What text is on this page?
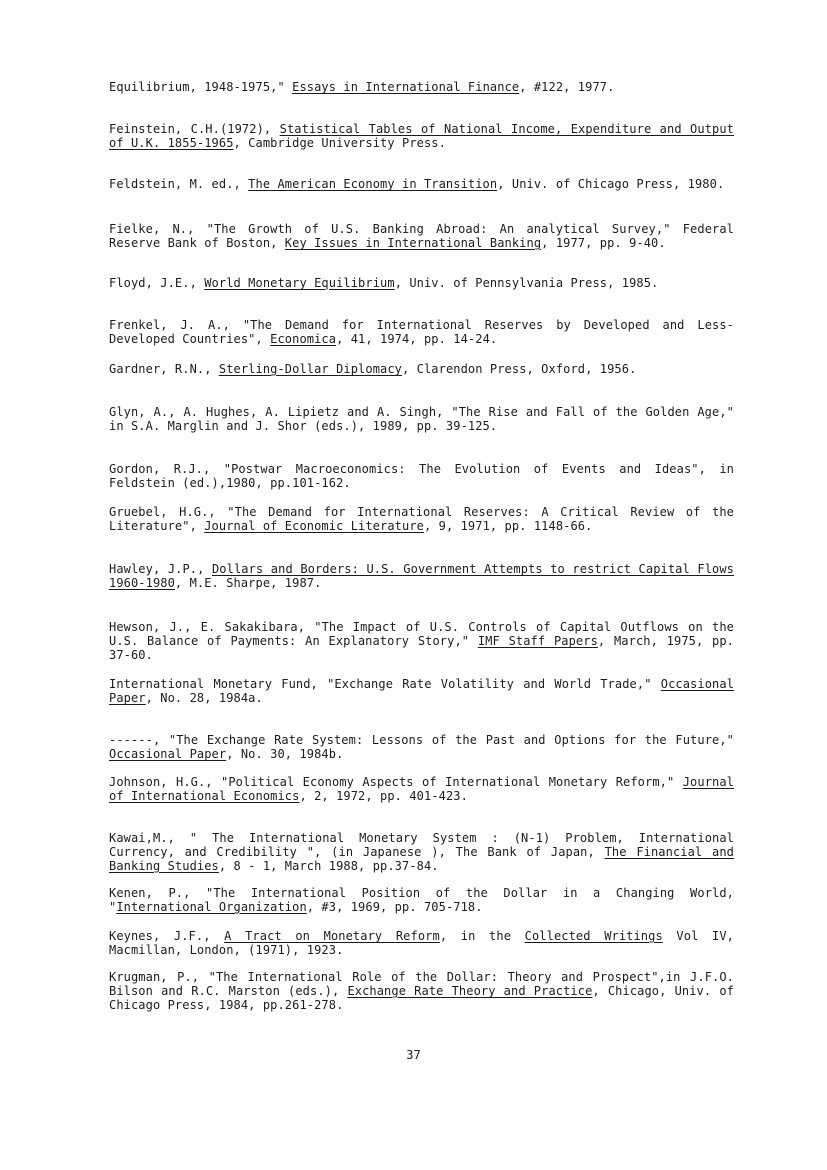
Equilibrium, 1948-1975," Essays in International Finance, #122, 1977.
Feinstein, C.H.(1972), Statistical Tables of National Income, Expenditure and Output of U.K. 1855-1965, Cambridge University Press.
Feldstein, M. ed., The American Economy in Transition, Univ. of Chicago Press, 1980.
Fielke, N., "The Growth of U.S. Banking Abroad: An analytical Survey," Federal Reserve Bank of Boston, Key Issues in International Banking, 1977, pp. 9-40.
Floyd, J.E., World Monetary Equilibrium, Univ. of Pennsylvania Press, 1985.
Frenkel, J. A., "The Demand for International Reserves by Developed and Less-Developed Countries", Economica, 41, 1974, pp. 14-24.
Gardner, R.N., Sterling-Dollar Diplomacy, Clarendon Press, Oxford, 1956.
Glyn, A., A. Hughes, A. Lipietz and A. Singh, "The Rise and Fall of the Golden Age," in S.A. Marglin and J. Shor (eds.), 1989, pp. 39-125.
Gordon, R.J., "Postwar Macroeconomics: The Evolution of Events and Ideas", in Feldstein (ed.),1980, pp.101-162.
Gruebel, H.G., "The Demand for International Reserves: A Critical Review of the Literature", Journal of Economic Literature, 9, 1971, pp. 1148-66.
Hawley, J.P., Dollars and Borders: U.S. Government Attempts to restrict Capital Flows 1960-1980, M.E. Sharpe, 1987.
Hewson, J., E. Sakakibara, "The Impact of U.S. Controls of Capital Outflows on the U.S. Balance of Payments: An Explanatory Story," IMF Staff Papers, March, 1975, pp. 37-60.
International Monetary Fund, "Exchange Rate Volatility and World Trade," Occasional Paper, No. 28, 1984a.
------, "The Exchange Rate System: Lessons of the Past and Options for the Future," Occasional Paper, No. 30, 1984b.
Johnson, H.G., "Political Economy Aspects of International Monetary Reform," Journal of International Economics, 2, 1972, pp. 401-423.
Kawai,M., " The International Monetary System : (N-1) Problem, International Currency, and Credibility ", (in Japanese ), The Bank of Japan, The Financial and Banking Studies, 8 - 1, March 1988, pp.37-84.
Kenen, P., "The International Position of the Dollar in a Changing World, "International Organization, #3, 1969, pp. 705-718.
Keynes, J.F., A Tract on Monetary Reform, in the Collected Writings Vol IV, Macmillan, London, (1971), 1923.
Krugman, P., "The International Role of the Dollar: Theory and Prospect",in J.F.O. Bilson and R.C. Marston (eds.), Exchange Rate Theory and Practice, Chicago, Univ. of Chicago Press, 1984, pp.261-278.
37
